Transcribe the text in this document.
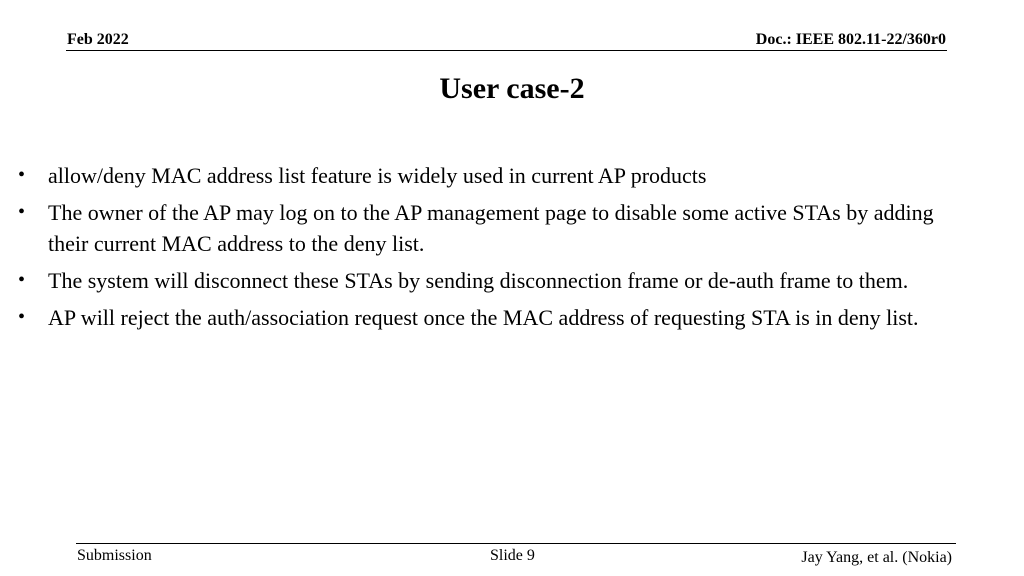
Feb 2022	Doc.: IEEE 802.11-22/360r0
User case-2
•	allow/deny MAC address list feature is widely used in current AP products
•	The owner of the AP may log on to the AP management page to disable some active STAs by adding their current MAC address to the deny list.
•	The system will disconnect these STAs by sending disconnection frame or de-auth frame to them.
•	AP will reject the auth/association request once the MAC address of requesting STA is in deny list.
Submission	Slide 9	Jay Yang, et al. (Nokia)
